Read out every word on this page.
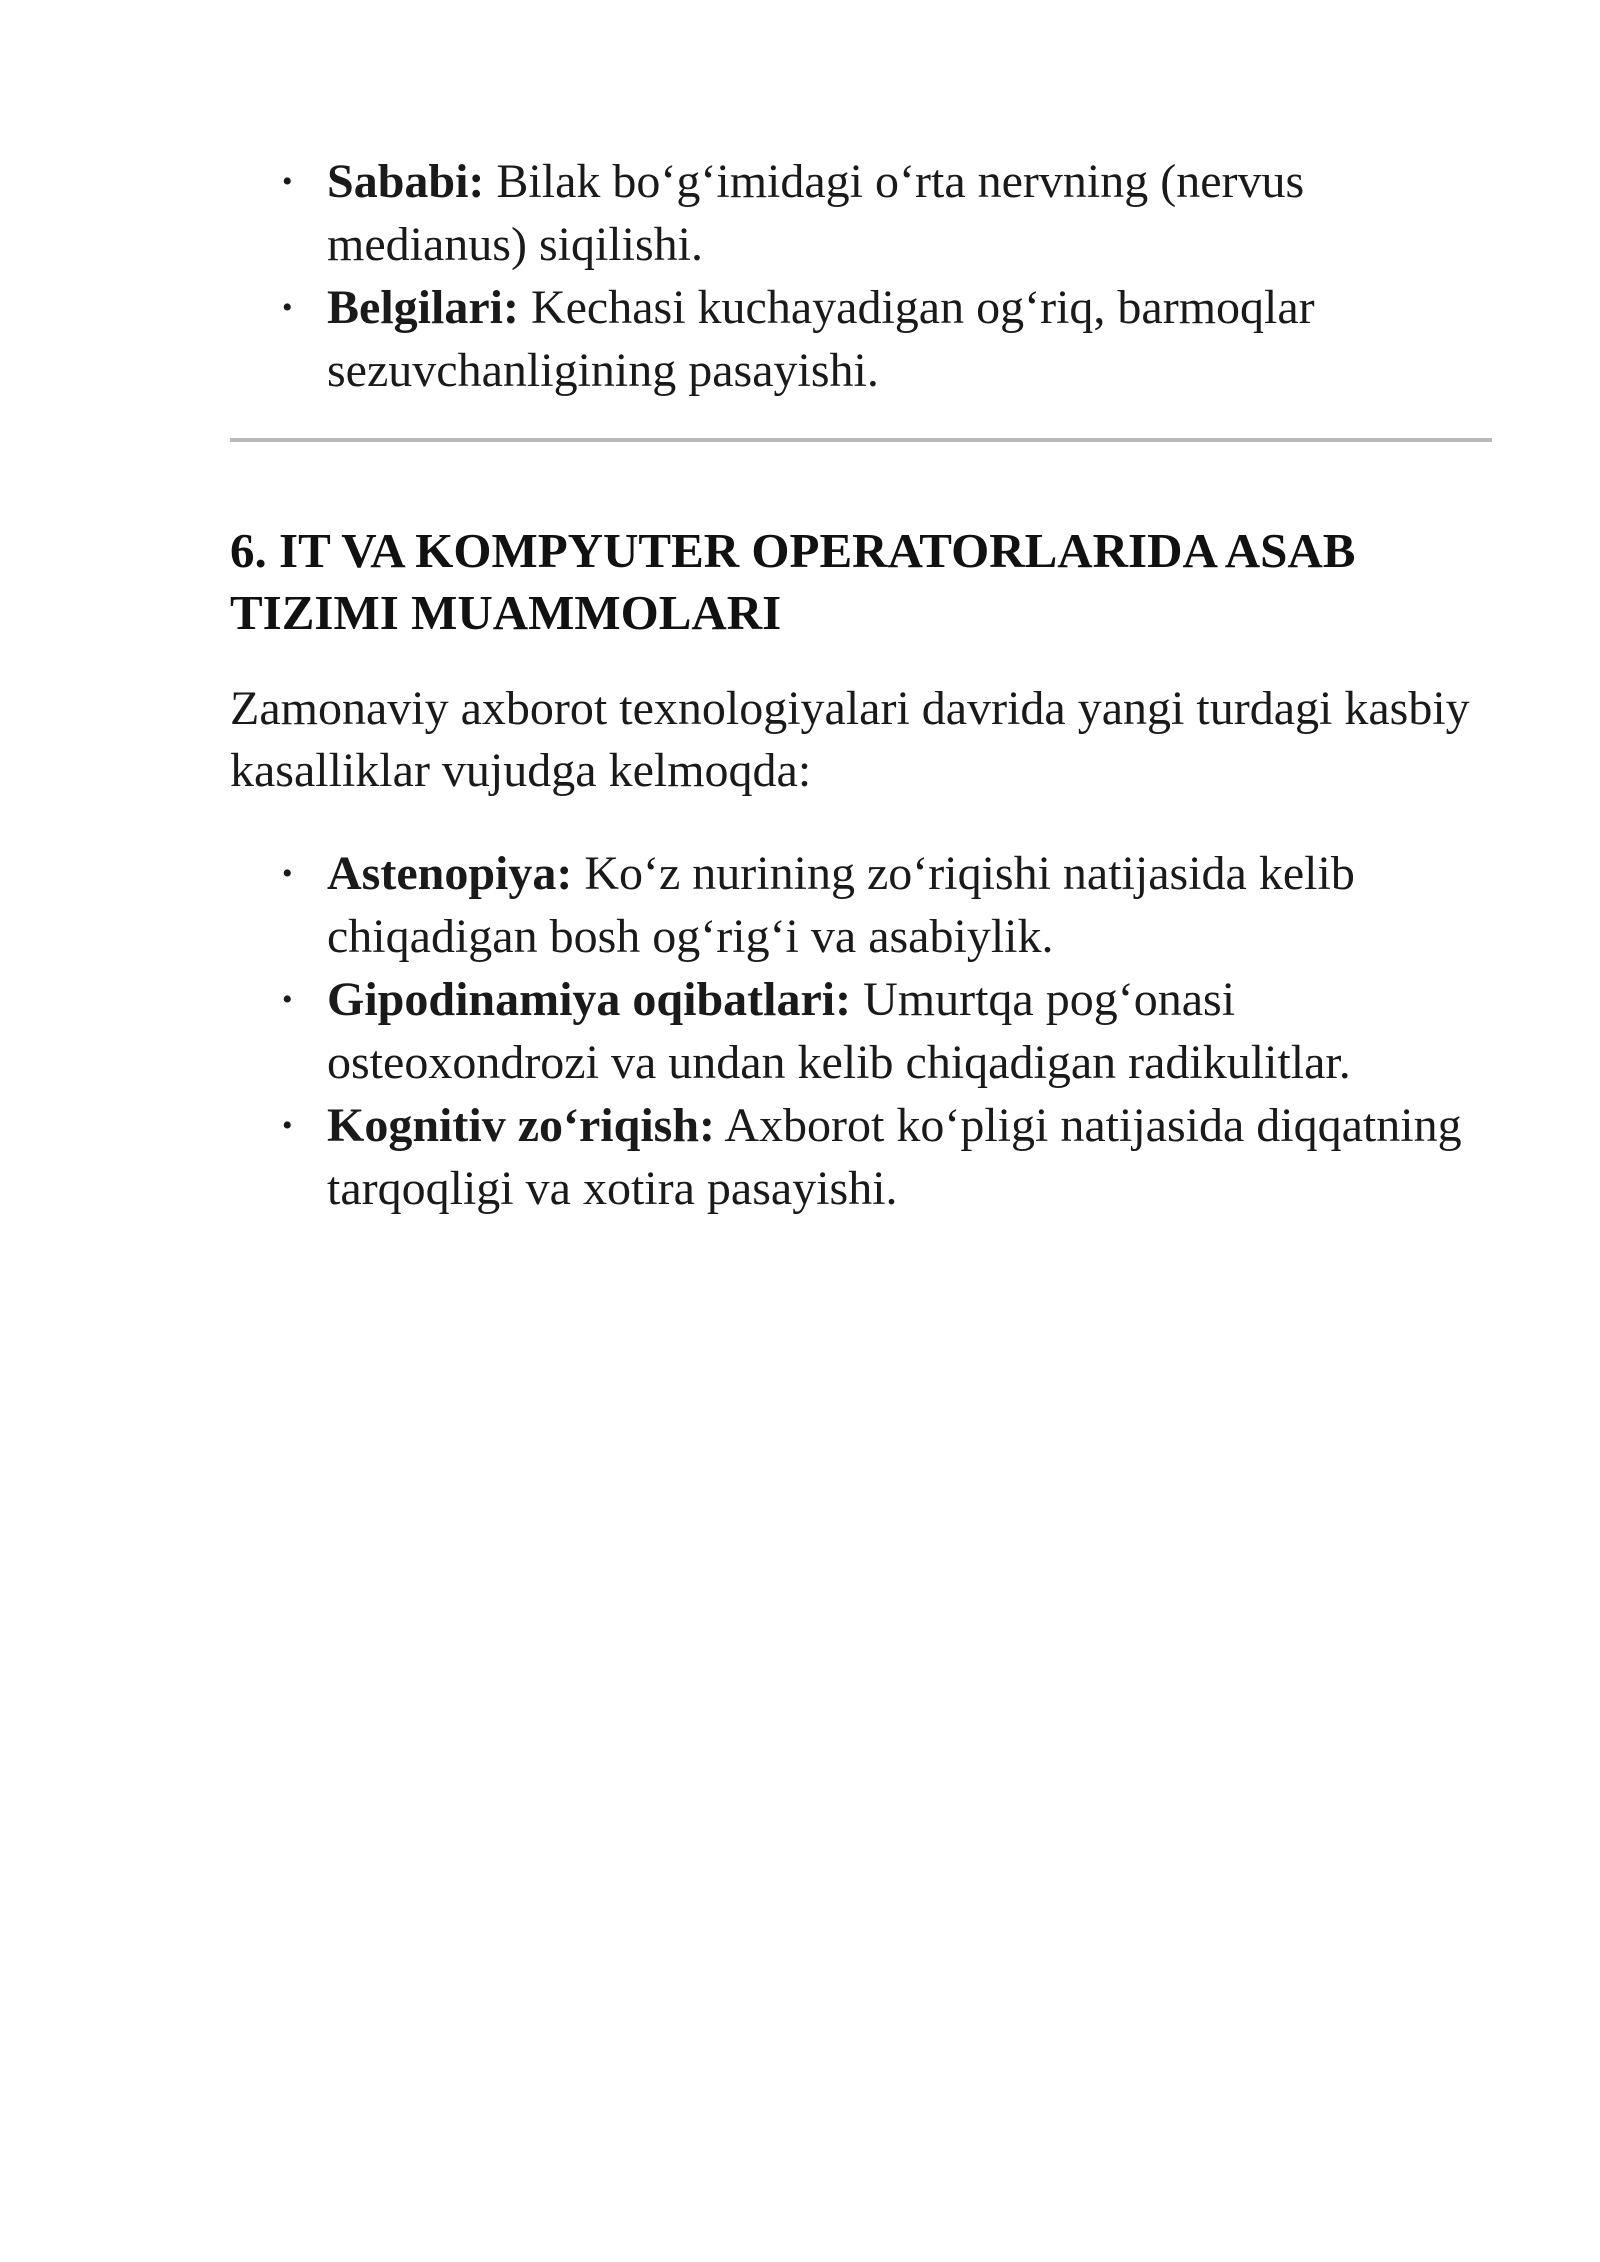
• Sababi: Bilak bo‘g‘imidagi o‘rta nervning (nervus medianus) siqilishi.
• Belgilari: Kechasi kuchayadigan og‘riq, barmoqlar sezuvchanligining pasayishi.
6. IT VA KOMPYUTER OPERATORLARIDA ASAB TIZIMI MUAMMOLARI

Zamonaviy axborot texnologiyalari davrida yangi turdagi kasbiy kasalliklar vujudga kelmoqda:

• Astenopiya: Ko‘z nurining zo‘riqishi natijasida kelib chiqadigan bosh og‘rig‘i va asabiylik.
• Gipodinamiya oqibatlari: Umurtqa pog‘onasi osteoxondrozi va undan kelib chiqadigan radikulitlar.
• Kognitiv zo‘riqish: Axborot ko‘pligi natijasida diqqatning tarqoqligi va xotira pasayishi.
